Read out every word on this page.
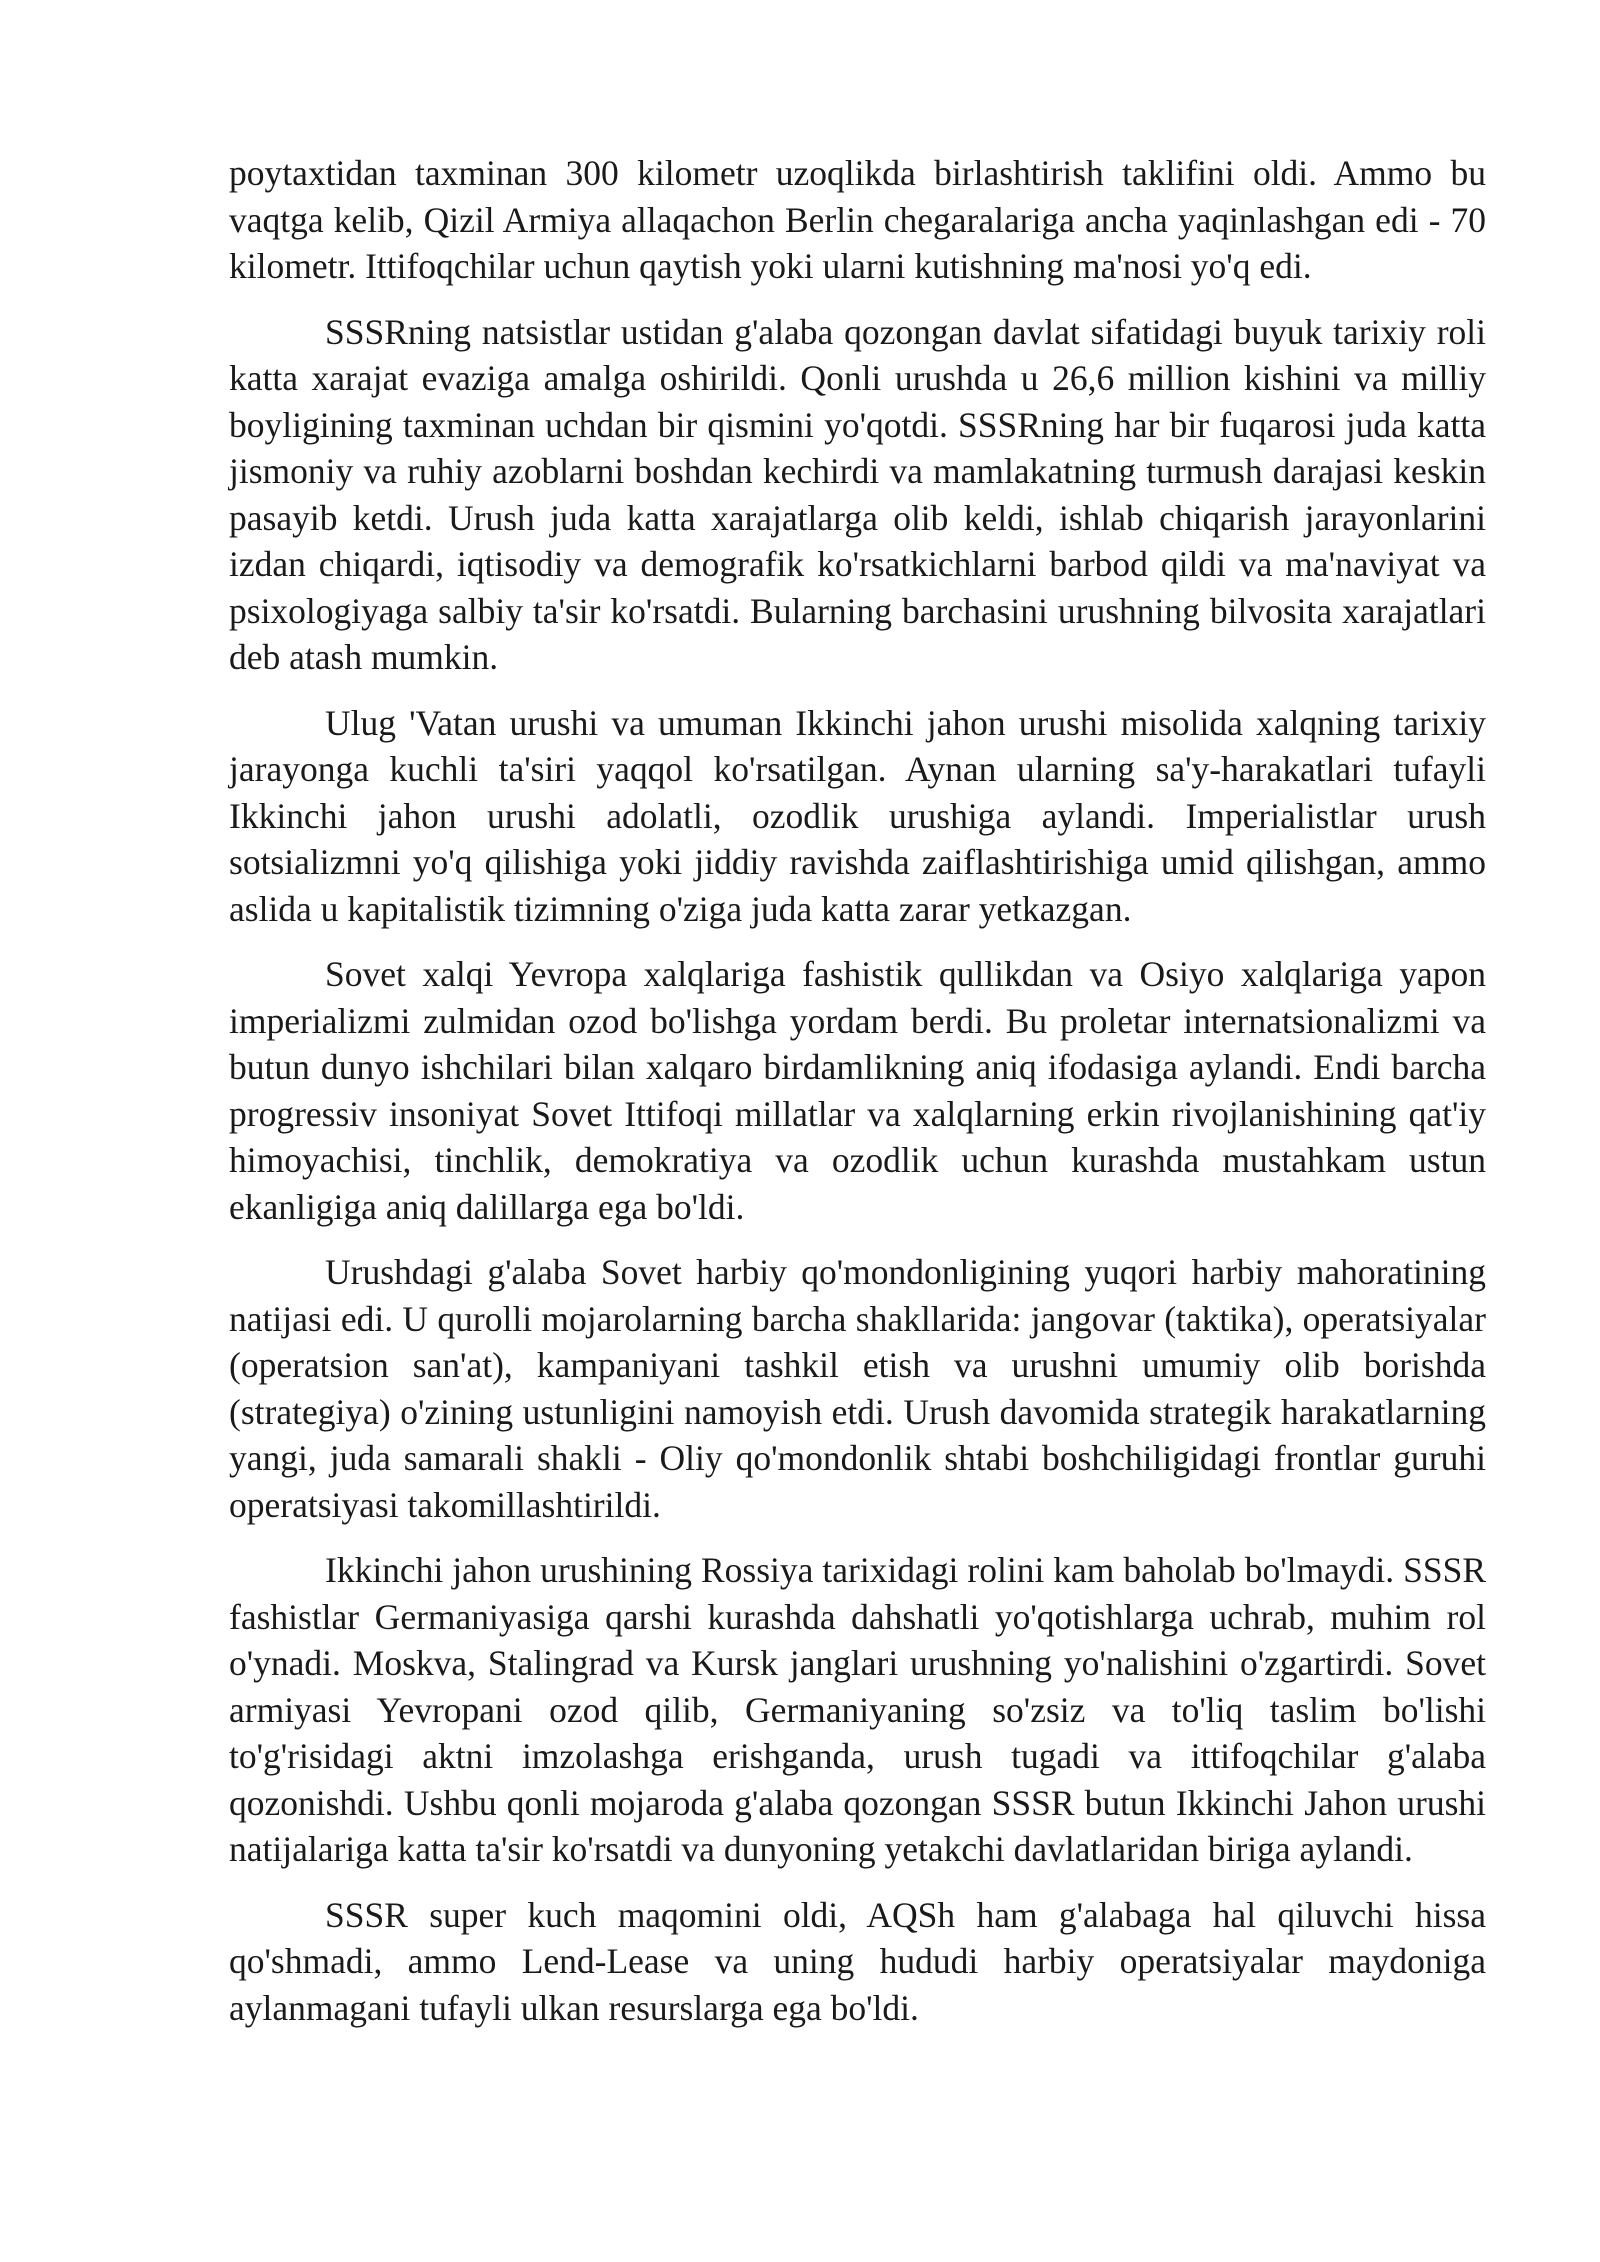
poytaxtidan taxminan 300 kilometr uzoqlikda birlashtirish taklifini oldi. Ammo bu vaqtga kelib, Qizil Armiya allaqachon Berlin chegaralariga ancha yaqinlashgan edi - 70 kilometr. Ittifoqchilar uchun qaytish yoki ularni kutishning ma'nosi yo'q edi.

SSSRning natsistlar ustidan g'alaba qozongan davlat sifatidagi buyuk tarixiy roli katta xarajat evaziga amalga oshirildi. Qonli urushda u 26,6 million kishini va milliy boyligining taxminan uchdan bir qismini yo'qotdi. SSSRning har bir fuqarosi juda katta jismoniy va ruhiy azoblarni boshdan kechirdi va mamlakatning turmush darajasi keskin pasayib ketdi. Urush juda katta xarajatlarga olib keldi, ishlab chiqarish jarayonlarini izdan chiqardi, iqtisodiy va demografik ko'rsatkichlarni barbod qildi va ma'naviyat va psixologiyaga salbiy ta'sir ko'rsatdi. Bularning barchasini urushning bilvosita xarajatlari deb atash mumkin.

Ulug 'Vatan urushi va umuman Ikkinchi jahon urushi misolida xalqning tarixiy jarayonga kuchli ta'siri yaqqol ko'rsatilgan. Aynan ularning sa'y-harakatlari tufayli Ikkinchi jahon urushi adolatli, ozodlik urushiga aylandi. Imperialistlar urush sotsializmni yo'q qilishiga yoki jiddiy ravishda zaiflashtirishiga umid qilishgan, ammo aslida u kapitalistik tizimning o'ziga juda katta zarar yetkazgan.

Sovet xalqi Yevropa xalqlariga fashistik qullikdan va Osiyo xalqlariga yapon imperializmi zulmidan ozod bo'lishga yordam berdi. Bu proletar internatsionalizmi va butun dunyo ishchilari bilan xalqaro birdamlikning aniq ifodasiga aylandi. Endi barcha progressiv insoniyat Sovet Ittifoqi millatlar va xalqlarning erkin rivojlanishining qat'iy himoyachisi, tinchlik, demokratiya va ozodlik uchun kurashda mustahkam ustun ekanligiga aniq dalillarga ega bo'ldi.

Urushdagi g'alaba Sovet harbiy qo'mondonligining yuqori harbiy mahoratining natijasi edi. U qurolli mojarolarning barcha shakllarida: jangovar (taktika), operatsiyalar (operatsion san'at), kampaniyani tashkil etish va urushni umumiy olib borishda (strategiya) o'zining ustunligini namoyish etdi. Urush davomida strategik harakatlarning yangi, juda samarali shakli - Oliy qo'mondonlik shtabi boshchiligidagi frontlar guruhi operatsiyasi takomillashtirildi.

Ikkinchi jahon urushining Rossiya tarixidagi rolini kam baholab bo'lmaydi. SSSR fashistlar Germaniyasiga qarshi kurashda dahshatli yo'qotishlarga uchrab, muhim rol o'ynadi. Moskva, Stalingrad va Kursk janglari urushning yo'nalishini o'zgartirdi. Sovet armiyasi Yevropani ozod qilib, Germaniyaning so'zsiz va to'liq taslim bo'lishi to'g'risidagi aktni imzolashga erishganda, urush tugadi va ittifoqchilar g'alaba qozonishdi. Ushbu qonli mojaroda g'alaba qozongan SSSR butun Ikkinchi Jahon urushi natijalariga katta ta'sir ko'rsatdi va dunyoning yetakchi davlatlaridan biriga aylandi.

SSSR super kuch maqomini oldi, AQSh ham g'alabaga hal qiluvchi hissa qo'shmadi, ammo Lend-Lease va uning hududi harbiy operatsiyalar maydoniga aylanmagani tufayli ulkan resurslarga ega bo'ldi.
